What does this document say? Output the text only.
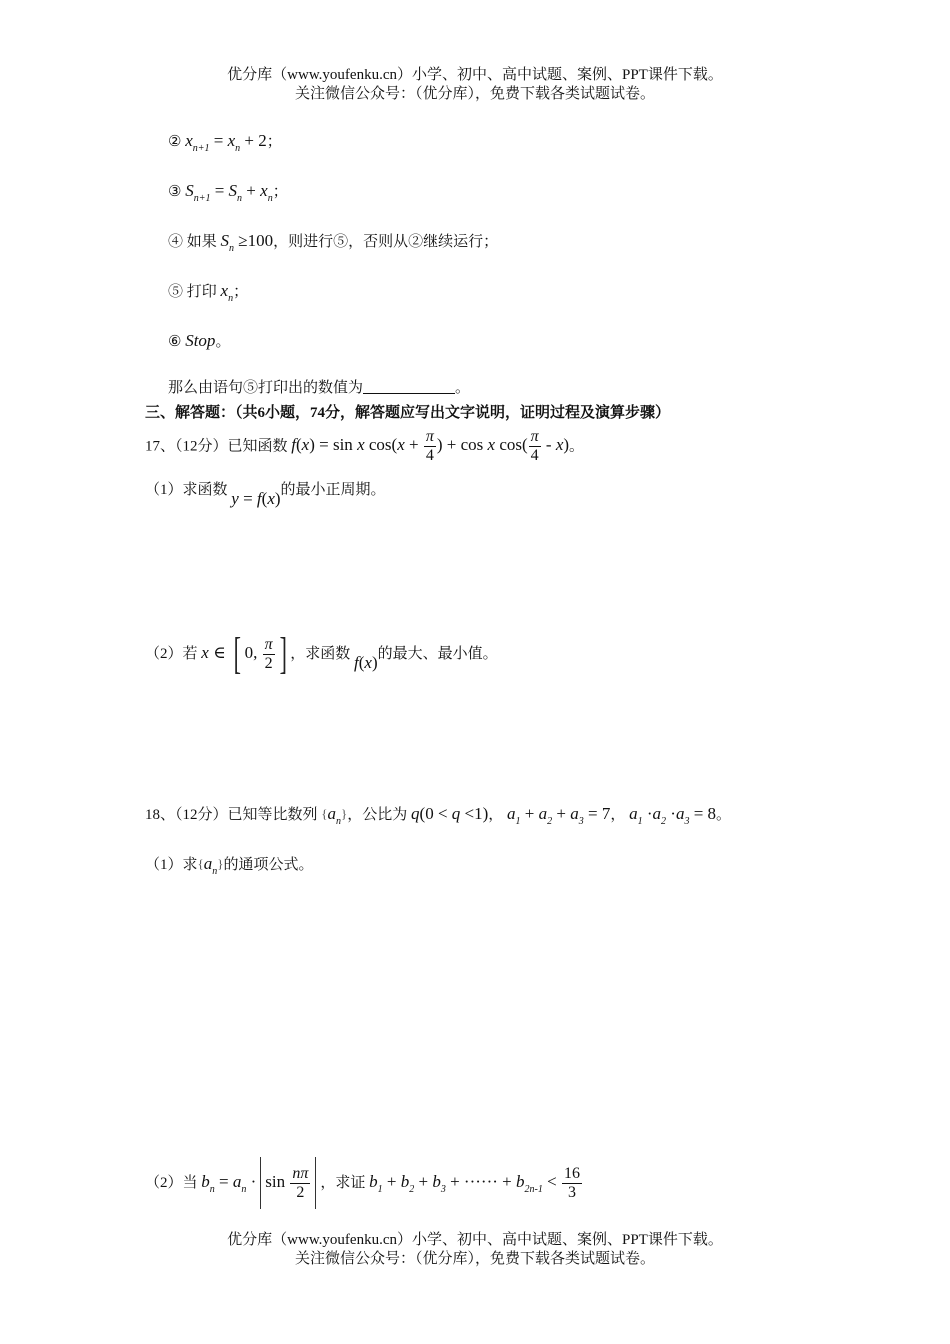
优分库（www.youfenku.cn）小学、初中、高中试题、案例、PPT课件下载。
关注微信公众号：（优分库），免费下载各类试题试卷。
② $x_{n+1} = x_n + 2$；
③ $S_{n+1} = S_n + x_n$；
④ 如果 $S_n \ge 100$，则进行⑤，否则从②继续运行；
⑤ 打印 $x_n$；
⑥ Stop。
那么由语句⑤打印出的数值为	。
三、解答题：（共6小题，74分，解答题应写出文字说明，证明过程及演算步骤）
17、（12分）已知函数 f(x) = sin x $\cos(x + \frac{\pi}{4}$ ) + cos x $\cos( \frac{\pi}{4} - x)$。
（1）求函数 y = f(x)的最小正周期。
（2）若 x ∈ [ 0, $\frac{\pi}{2}$ ] ，求函数 f(x)的最大、最小值。
18、（12分）已知等比数列 $\{a_n\}$，公比为 q(0 < q <1)， $a_1 + a_2 + a_3 = 7$， $a_1 \cdot a_2 \cdot a_3 = 8$。
（1）求$\{a_n\}$的通项公式。
（2）当 $b_n = a_n \cdot \sin \frac{n\pi}{2}$ ，求证 $b_1 + b_2 + b_3$ + ······ + $b_{2n-1} < \frac{16}{3}$
优分库（www.youfenku.cn）小学、初中、高中试题、案例、PPT课件下载。
关注微信公众号：（优分库），免费下载各类试题试卷。
